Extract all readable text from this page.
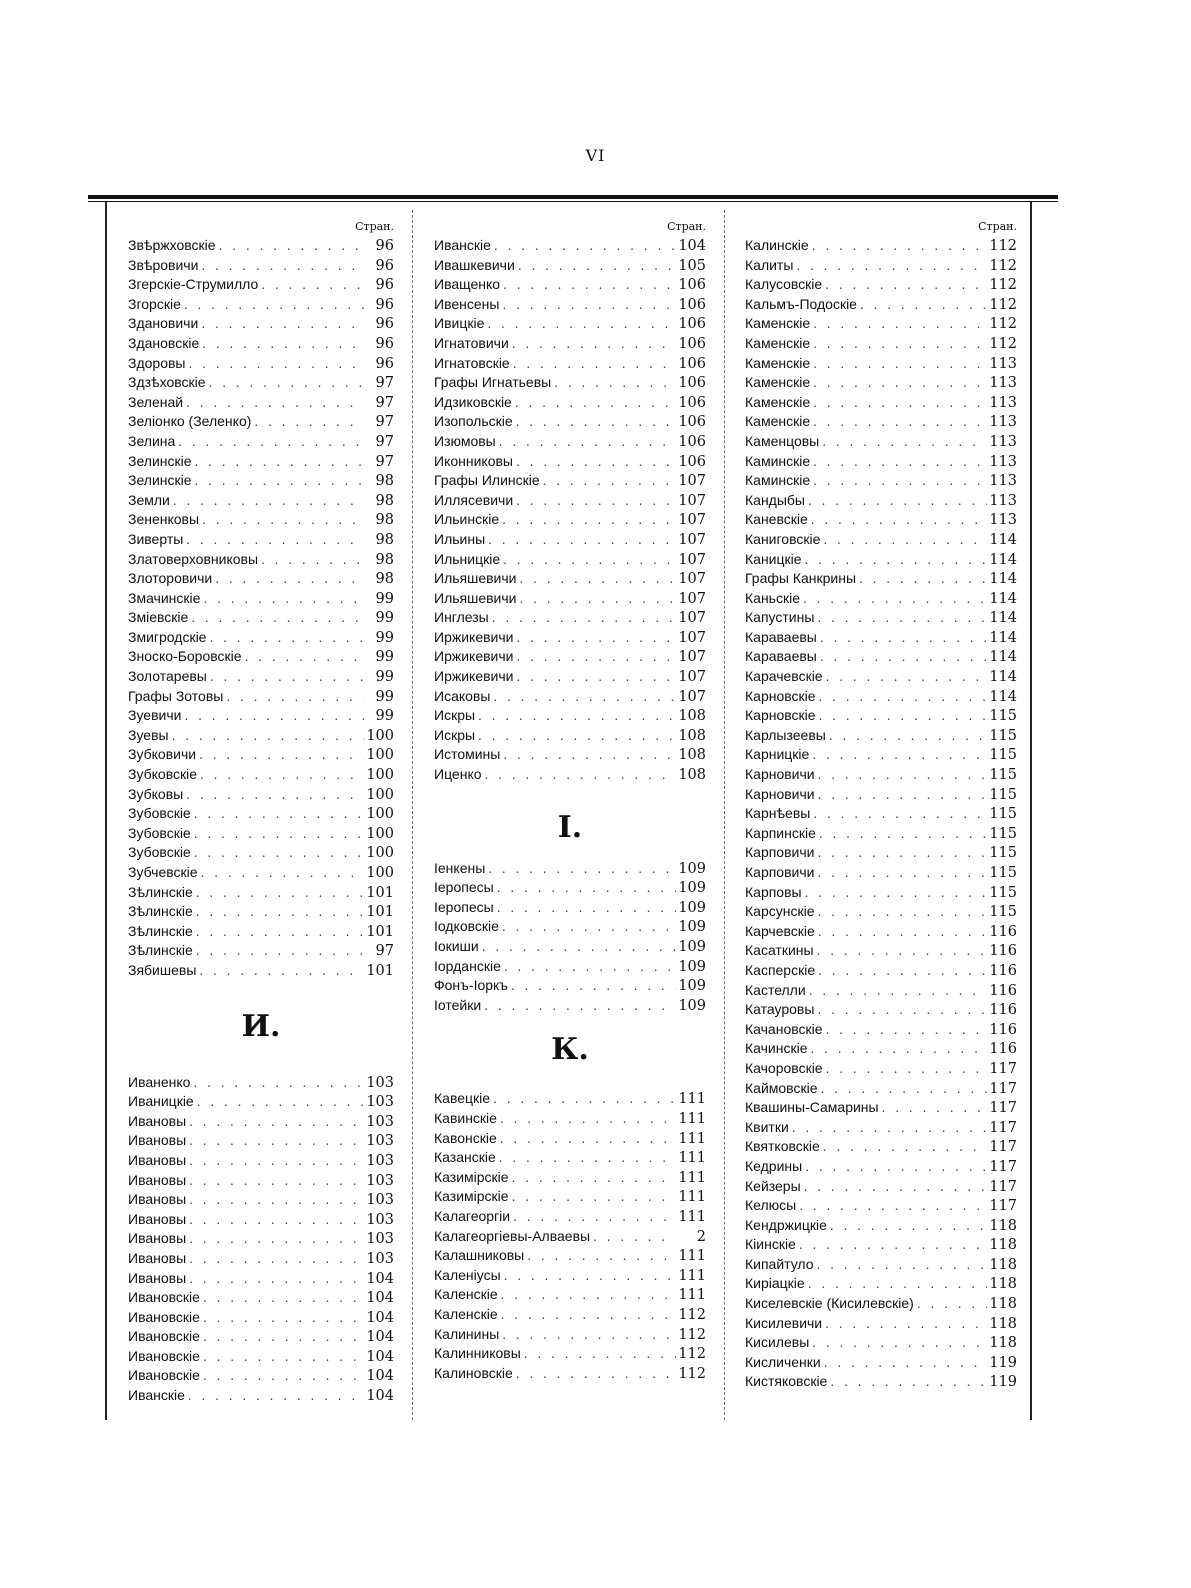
VI
Стран.
Звѣржховскіе . . .	96
Звѣровичи . . .	96
Згерскіе-Струмилло . . .	96
Згорскіе . . .	96
Здановичи . . .	96
Здановскіе . . .	96
Здоровы . . .	96
Здзѣховскіе . . .	97
Зеленай . . .	97
Зеліонко (Зеленко) . . .	97
Зелина . . .	97
Зелинскіе . . .	97
Зелинскіе . . .	98
Земли . . .	98
Зененковы . . .	98
Зиверты . . .	98
Златоверховниковы . . .	98
Злоторовичи . . .	98
Змачинскіе . . .	99
Зміевскіе . . .	99
Змигродскіе . . .	99
Зноско-Боровскіе . . .	99
Золотаревы . . .	99
Графы Зотовы . . .	99
Зуевичи . . .	99
Зуевы . . .	100
Зубковичи . . .	100
Зубковскіе . . .	100
Зубковы . . .	100
Зубовскіе . . .	100
Зубовскіе . . .	100
Зубовскіе . . .	100
Зубчевскіе . . .	100
Зѣлинскіе . . .	101
Зѣлинскіе . . .	101
Зѣлинскіе . . .	101
Зѣлинскіе . . .	97
Зябишевы . . .	101
И.
Иваненко . . .	103
Иваницкіе . . .	103
Ивановы . . .	103
Ивановы . . .	103
Ивановы . . .	103
Ивановы . . .	103
Ивановы . . .	103
Ивановы . . .	103
Ивановы . . .	103
Ивановы . . .	103
Ивановы . . .	104
Ивановскіе . . .	104
Ивановскіе . . .	104
Ивановскіе . . .	104
Ивановскіе . . .	104
Ивановскіе . . .	104
Иванскіе . . .	104
Стран.
Иванскіе . . .	104
Ивашкевичи . . .	105
Иващенко . . .	106
Ивенсены . . .	106
Ивицкіе . . .	106
Игнатовичи . . .	106
Игнатовскіе . . .	106
Графы Игнатьевы . . .	106
Идзиковскіе . . .	106
Изопольскіе . . .	106
Изюмовы . . .	106
Иконниковы . . .	106
Графы Илинскіе . . .	107
Иллясевичи . . .	107
Ильинскіе . . .	107
Ильины . . .	107
Ильницкіе . . .	107
Ильяшевичи . . .	107
Ильяшевичи . . .	107
Инглезы . . .	107
Иржикевичи . . .	107
Иржикевичи . . .	107
Иржикевичи . . .	107
Исаковы . . .	107
Искры . . .	108
Искры . . .	108
Истомины . . .	108
Иценко . . .	108
I.
Іенкены . . .	109
Іеропесы . . .	109
Іеропесы . . .	109
Іодковскіе . . .	109
Іокиши . . .	109
Іорданскіе . . .	109
Фонъ-Іоркъ . . .	109
Іотейки . . .	109
К.
Кавецкіе . . .	111
Кавинскіе . . .	111
Кавонскіе . . .	111
Казанскіе . . .	111
Казимірскіе . . .	111
Казимірскіе . . .	111
Калагеоргіи . . .	111
Калагеоргіевы-Алваевы . . .	2
Калашниковы . . .	111
Каленіусы . . .	111
Каленскіе . . .	111
Каленскіе . . .	112
Калинины . . .	112
Калинниковы . . .	112
Калиновскіе . . .	112
Стран.
Калинскіе . . .	112
Калиты . . .	112
Калусовскіе . . .	112
Кальмъ-Подоскіе . . .	112
Каменскіе . . .	112
Каменскіе . . .	112
Каменскіе . . .	113
Каменскіе . . .	113
Каменскіе . . .	113
Каменскіе . . .	113
Каменцовы . . .	113
Каминскіе . . .	113
Каминскіе . . .	113
Кандыбы . . .	113
Каневскіе . . .	113
Каниговскіе . . .	114
Каницкіе . . .	114
Графы Канкрины . . .	114
Каньскіе . . .	114
Капустины . . .	114
Караваевы . . .	114
Караваевы . . .	114
Карачевскіе . . .	114
Карновскіе . . .	114
Карновскіе . . .	115
Карлызеевы . . .	115
Карницкіе . . .	115
Карновичи . . .	115
Карновичи . . .	115
Карнѣевы . . .	115
Карпинскіе . . .	115
Карповичи . . .	115
Карповичи . . .	115
Карповы . . .	115
Карсунскіе . . .	115
Карчевскіе . . .	116
Касаткины . . .	116
Касперскіе . . .	116
Кастелли . . .	116
Катауровы . . .	116
Качановскіе . . .	116
Качинскіе . . .	116
Качоровскіе . . .	117
Каймовскіе . . .	117
Квашины-Самарины . . .	117
Квитки . . .	117
Квятковскіе . . .	117
Кедрины . . .	117
Кейзеры . . .	117
Келюсы . . .	117
Кендржицкіе . . .	118
Кіинскіе . . .	118
Кипайтуло . . .	118
Киріацкіе . . .	118
Киселевскіе (Кисилевскіе) . . .	118
Кисилевичи . . .	118
Кисилевы . . .	118
Кисличенки . . .	119
Кистяковскіе . . .	119
